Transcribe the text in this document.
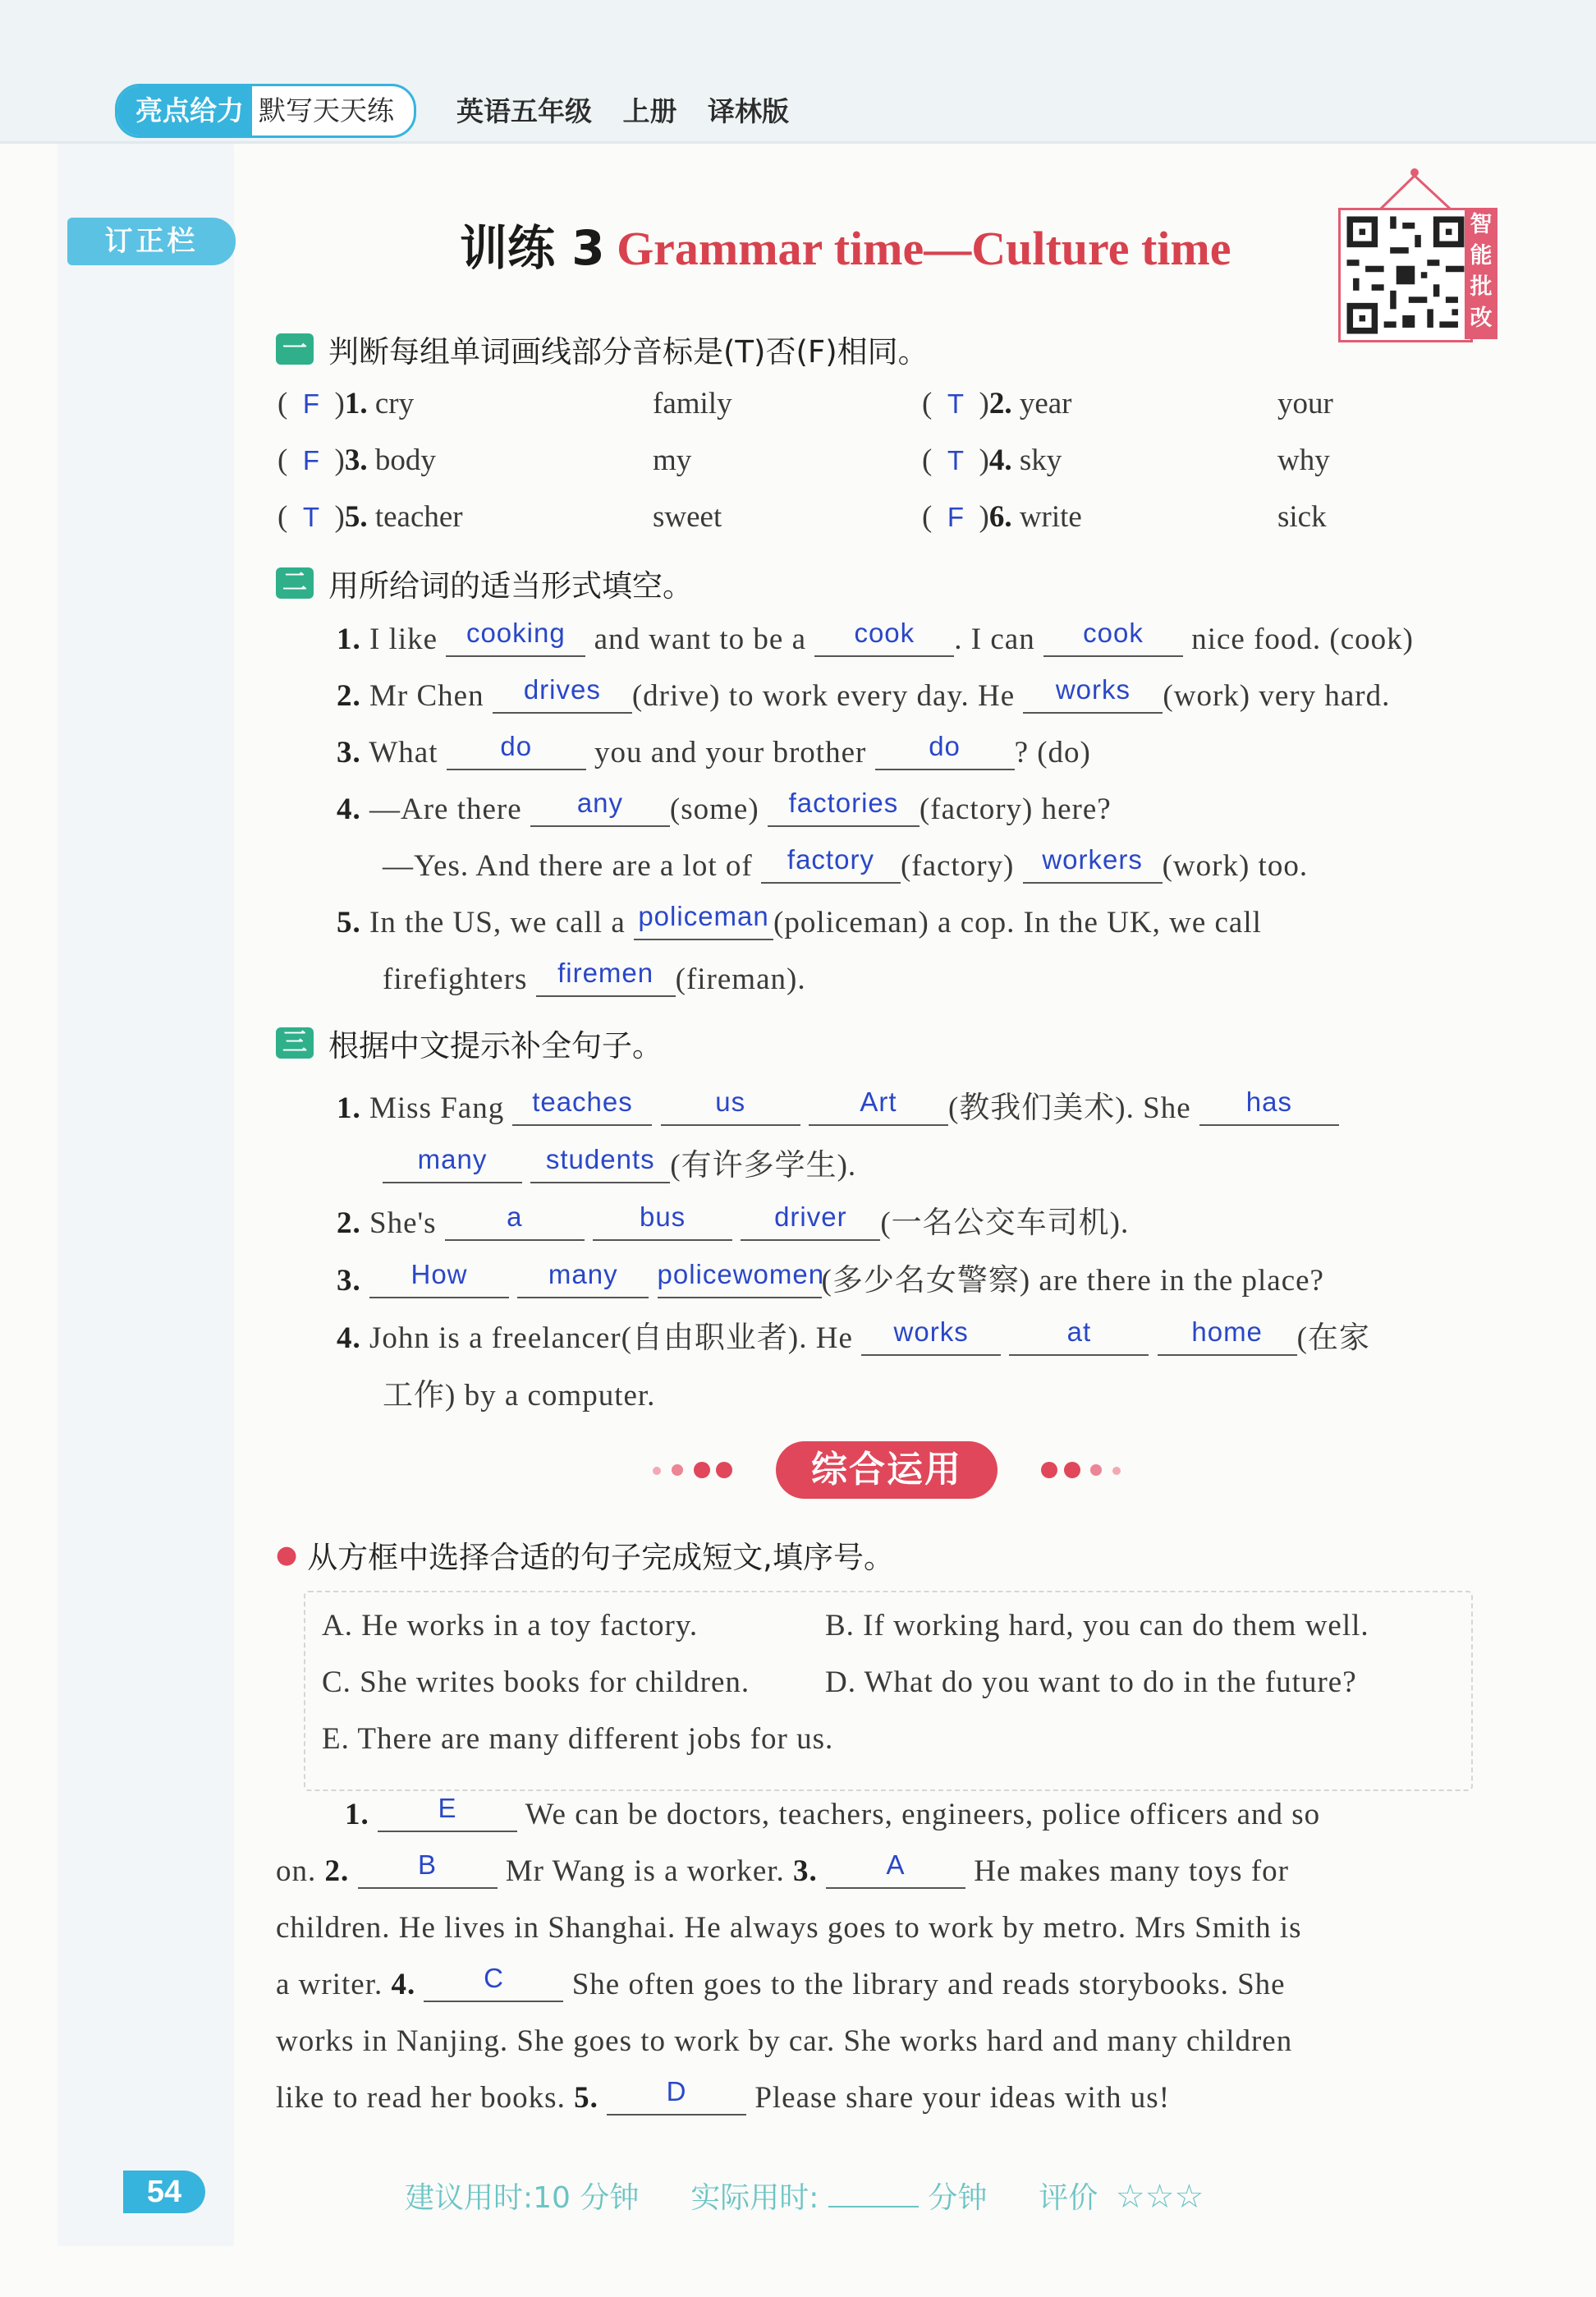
亮点给力 默写天天练	英语五年级 上册 译林版
订正栏	训练 3 Grammar time—Culture time	智能批改
一 判断每组单词画线部分音标是(T)否(F)相同。
(  F  )1. cry	family	(  T  )2. year	your
(  F  )3. body	my	(  T  )4. sky	why
(  T  )5. teacher	sweet	(  F  )6. write	sick
二 用所给词的适当形式填空。
1. I like cooking and want to be a cook . I can cook nice food. (cook)
2. Mr Chen drives (drive) to work every day. He works (work) very hard.
3. What do you and your brother do ? (do)
4. —Are there any (some) factories (factory) here?
—Yes. And there are a lot of factory (factory) workers (work) too.
5. In the US, we call a policeman (policeman) a cop. In the UK, we call
firefighters firemen (fireman).
三 根据中文提示补全句子。
1. Miss Fang teaches	us	Art (教我们美术). She has
many students (有许多学生).
2. She's	a	bus	driver (一名公交车司机).
3. How	many policewomen(多少名女警察) are there in the place?
4. John is a freelancer(自由职业者). He works	at	home (在家
工作) by a computer.
综合运用
● 从方框中选择合适的句子完成短文,填序号。
A. He works in a toy factory.	B. If working hard, you can do them well.
C. She writes books for children. D. What do you want to do in the future?
E. There are many different jobs for us.
1.	E We can be doctors, teachers, engineers, police officers and so
on. 2.	B Mr Wang is a worker. 3.	A He makes many toys for
children. He lives in Shanghai. He always goes to work by metro. Mrs Smith is
a writer. 4.	C She often goes to the library and reads storybooks. She
works in Nanjing. She goes to work by car. She works hard and many children
like to read her books. 5.	D Please share your ideas with us!
54	建议用时:10 分钟 实际用时:	分钟 评价 ☆☆☆
